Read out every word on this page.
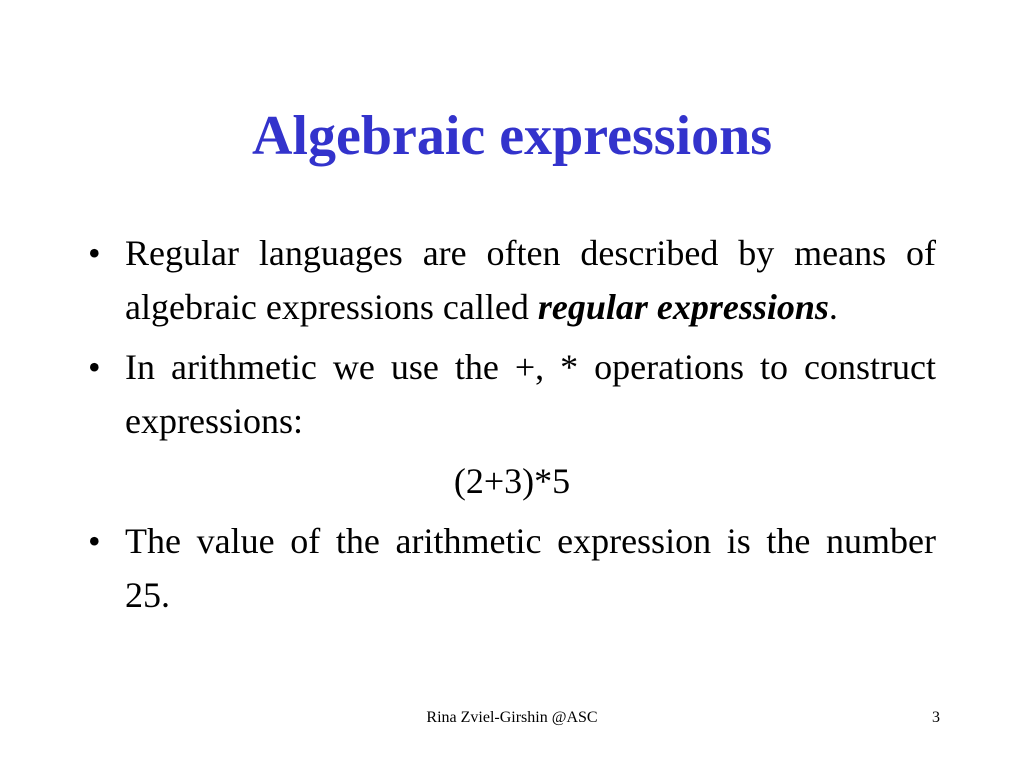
Algebraic expressions
• Regular languages are often described by means of algebraic expressions called regular expressions.
• In arithmetic we use the +, * operations to construct expressions:
(2+3)*5
• The value of the arithmetic expression is the number 25.
Rina Zviel-Girshin @ASC	3
